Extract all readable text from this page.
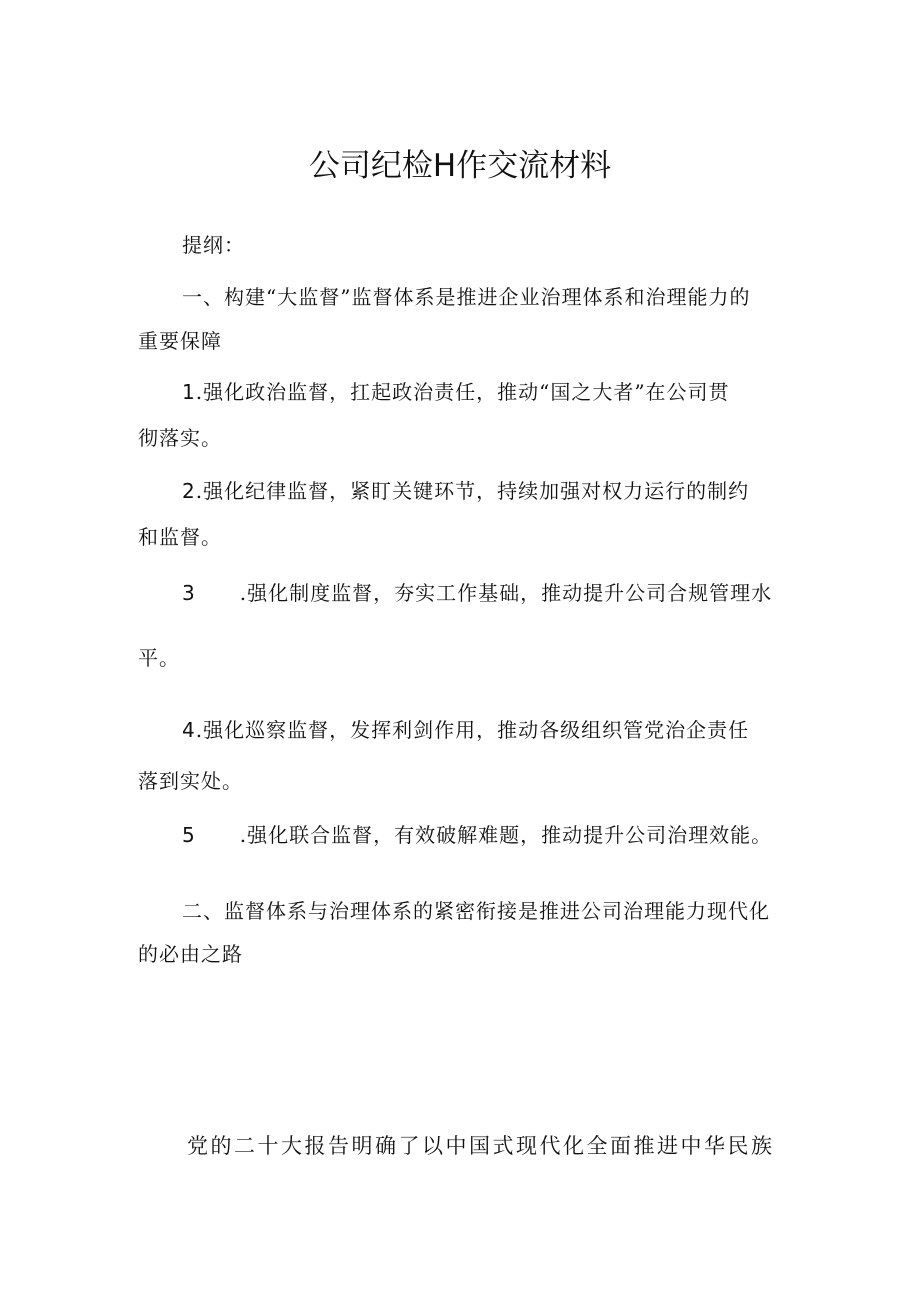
公司纪检H作交流材料
提纲：
一、构建“大监督”监督体系是推进企业治理体系和治理能力的
重要保障
1.强化政治监督，扛起政治责任，推动“国之大者”在公司贯
彻落实。
2.强化纪律监督，紧盯关键环节，持续加强对权力运行的制约
和监督。
3 .强化制度监督，夯实工作基础，推动提升公司合规管理水
平。
4.强化巡察监督，发挥利剑作用，推动各级组织管党治企责任
落到实处。
5 .强化联合监督，有效破解难题，推动提升公司治理效能。
二、监督体系与治理体系的紧密衔接是推进公司治理能力现代化
的必由之路
党的二十大报告明确了以中国式现代化全面推进中华民族
